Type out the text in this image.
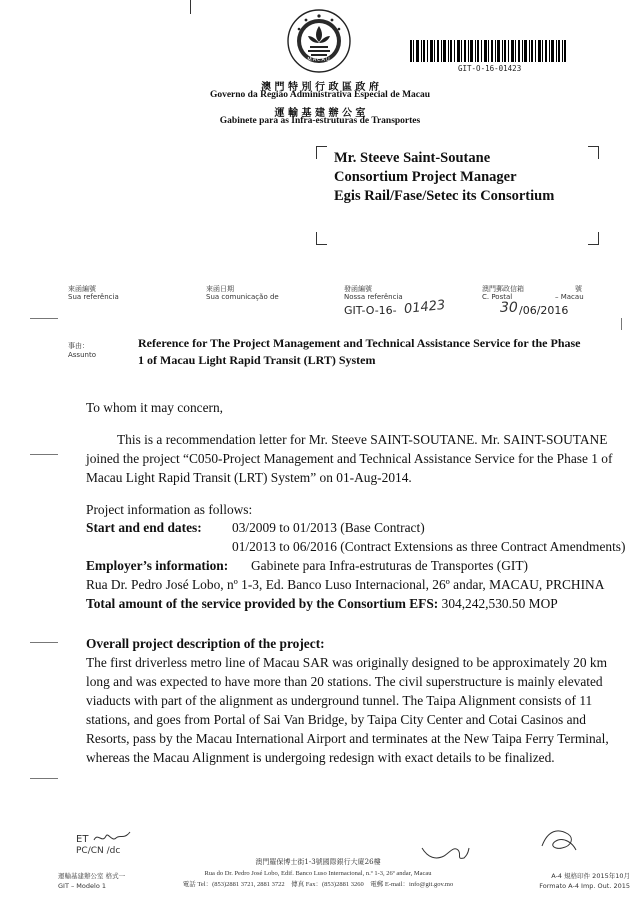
MACAU
GIT-O-16-01423
澳 門 特 別 行 政 區 政 府
Governo da Região Administrativa Especial de Macau
運 輸 基 建 辦 公 室
Gabinete para as Infra-estruturas de Transportes
Mr. Steeve Saint-Soutane
Consortium Project Manager
Egis Rail/Fase/Setec its Consortium
來函編號
Sua referência
來函日期
Sua comunicação de
發函編號
Nossa referência
GIT-O-16- 01423
澳門郵政信箱
C. Postal
號
– Macau
30 /06/2016
事由：
Assunto
Reference for The Project Management and Technical Assistance Service for the Phase
1 of Macau Light Rapid Transit (LRT) System
To whom it may concern,
This is a recommendation letter for Mr. Steeve SAINT-SOUTANE. Mr. SAINT-SOUTANE
joined the project “C050-Project Management and Technical Assistance Service for the Phase 1 of
Macau Light Rapid Transit (LRT) System” on 01-Aug-2014.
Project information as follows:
Start and end dates: 03/2009 to 01/2013 (Base Contract)
01/2013 to 06/2016 (Contract Extensions as three Contract Amendments)
Employer’s information: Gabinete para Infra-estruturas de Transportes (GIT)
Rua Dr. Pedro José Lobo, nº 1-3, Ed. Banco Luso Internacional, 26º andar, MACAU, PRCHINA
Total amount of the service provided by the Consortium EFS: 304,242,530.50 MOP
Overall project description of the project:
The first driverless metro line of Macau SAR was originally designed to be approximately 20 km
long and was expected to have more than 20 stations. The civil superstructure is mainly elevated
viaducts with part of the alignment as underground tunnel. The Taipa Alignment consists of 11
stations, and goes from Portal of Sai Van Bridge, by Taipa City Center and Cotai Casinos and
Resorts, pass by the Macau International Airport and terminates at the New Taipa Ferry Terminal,
whereas the Macau Alignment is undergoing redesign with exact details to be finalized.
ET
PC/CN /dc
運輸基建辦公室 格式一
GIT – Modelo 1
澳門羅保博士街1-3號國際銀行大廈26樓
Rua do Dr. Pedro José Lobo, Edif. Banco Luso Internacional, n.º 1-3, 26º andar, Macau
電話 Tel：(853)2881 3721, 2881 3722　傳真 Fax：(853)2881 3260　電郵 E-mail：info@git.gov.mo
A-4 規格印件 2015年10月
Formato A-4 Imp. Out. 2015
